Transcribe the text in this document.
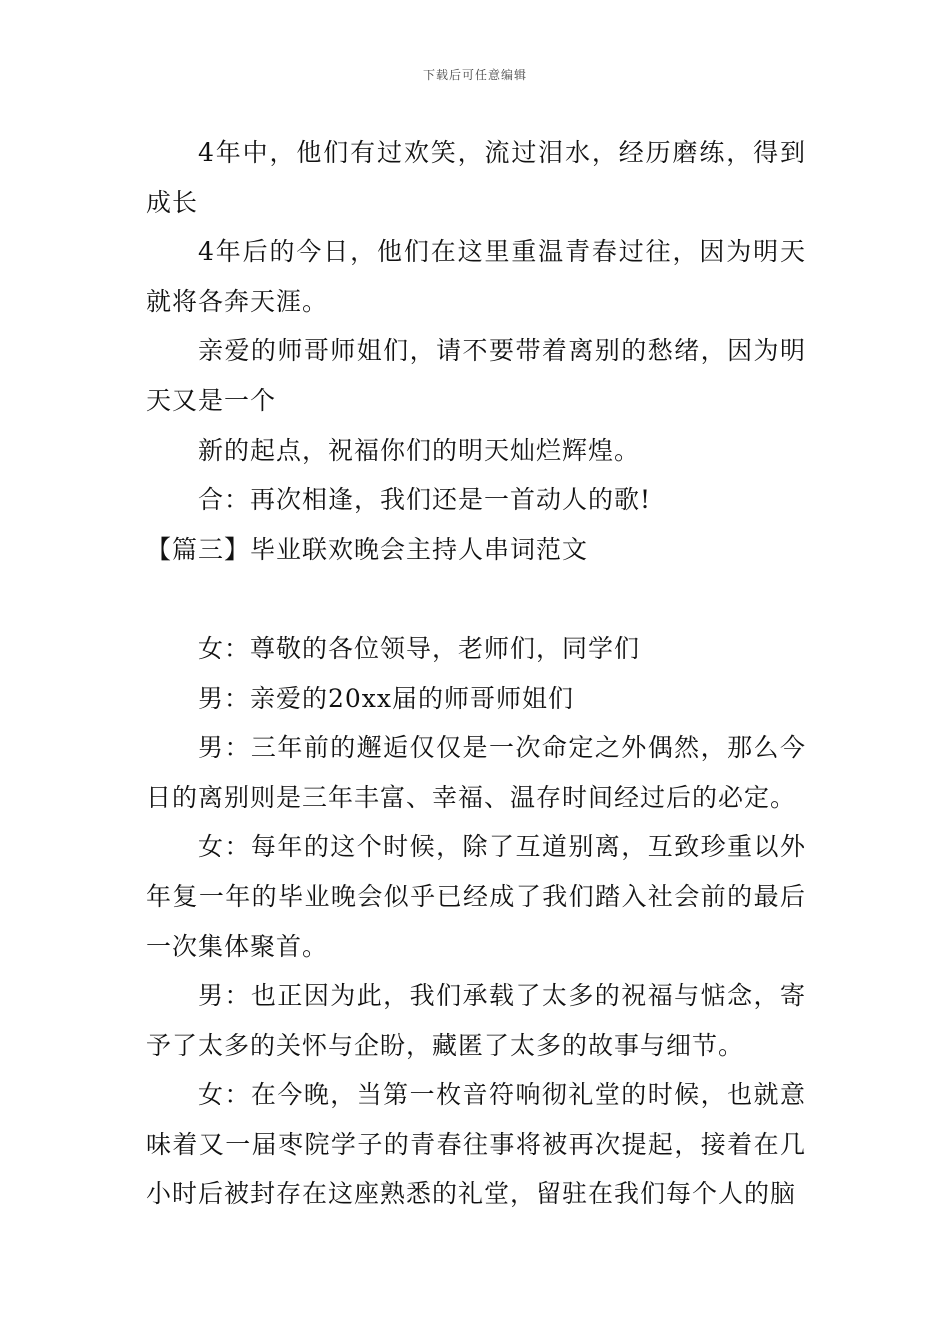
下载后可任意编辑

4年中，他们有过欢笑，流过泪水，经历磨练，得到成长

4年后的今日，他们在这里重温青春过往，因为明天就将各奔天涯。

亲爱的师哥师姐们，请不要带着离别的愁绪，因为明天又是一个

新的起点，祝福你们的明天灿烂辉煌。

合：再次相逢，我们还是一首动人的歌!

【篇三】毕业联欢晚会主持人串词范文

女：尊敬的各位领导，老师们，同学们

男：亲爱的20xx届的师哥师姐们

男：三年前的邂逅仅仅是一次命定之外偶然，那么今日的离别则是三年丰富、幸福、温存时间经过后的必定。

女：每年的这个时候，除了互道别离，互致珍重以外年复一年的毕业晚会似乎已经成了我们踏入社会前的最后一次集体聚首。

男：也正因为此，我们承载了太多的祝福与惦念，寄予了太多的关怀与企盼，藏匿了太多的故事与细节。

女：在今晚，当第一枚音符响彻礼堂的时候，也就意味着又一届枣院学子的青春往事将被再次提起，接着在几小时后被封存在这座熟悉的礼堂，留驻在我们每个人的脑
